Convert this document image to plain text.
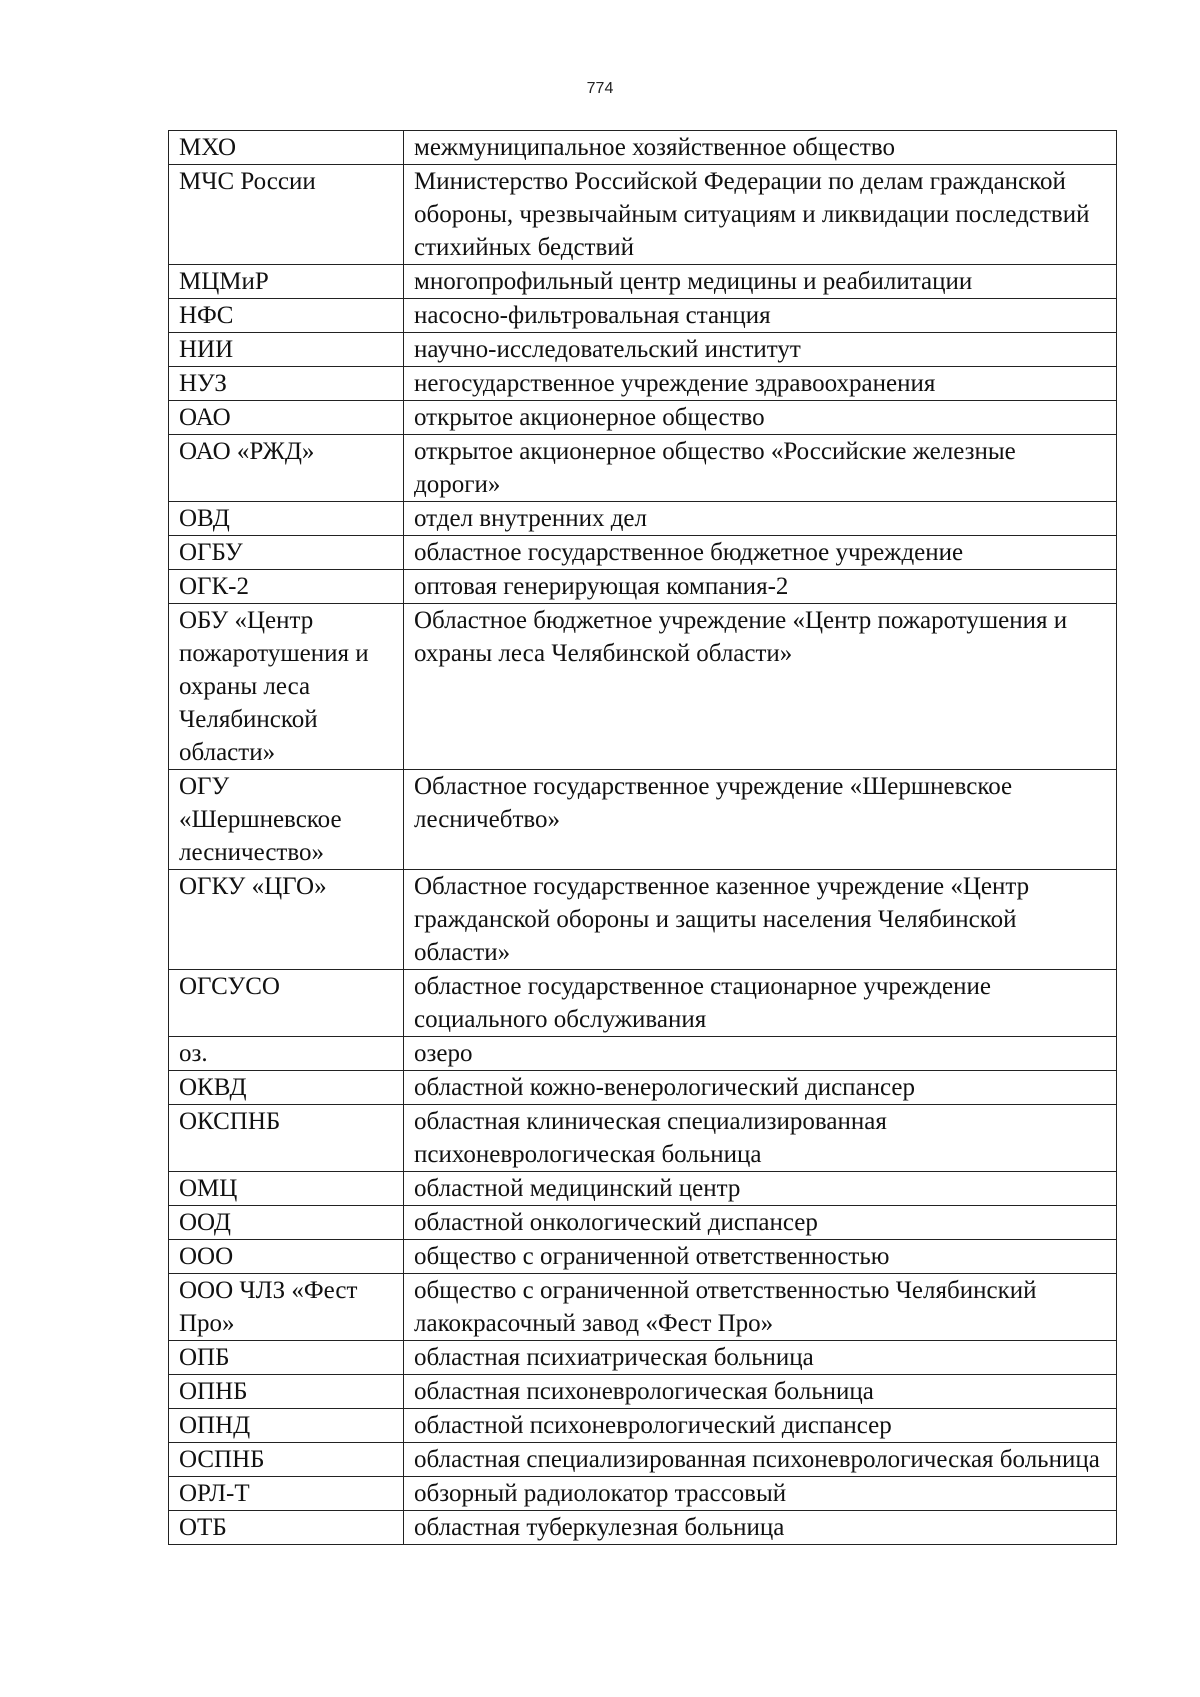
774
МХО	межмуниципальное хозяйственное общество
МЧС России	Министерство Российской Федерации по делам гражданской обороны, чрезвычайным ситуациям и ликвидации последствий стихийных бедствий
МЦМиР	многопрофильный центр медицины и реабилитации
НФС	насосно-фильтровальная станция
НИИ	научно-исследовательский институт
НУЗ	негосударственное учреждение здравоохранения
ОАО	открытое акционерное общество
ОАО «РЖД»	открытое акционерное общество «Российские железные дороги»
ОВД	отдел внутренних дел
ОГБУ	областное государственное бюджетное учреждение
ОГК-2	оптовая генерирующая компания-2
ОБУ «Центр пожаротушения и охраны леса Челябинской области»	Областное бюджетное учреждение «Центр пожаротушения и охраны леса Челябинской области»
ОГУ «Шершневское лесничество»	Областное государственное учреждение «Шершневское лесничебтво»
ОГКУ «ЦГО»	Областное государственное казенное учреждение «Центр гражданской обороны и защиты населения Челябинской области»
ОГСУСО	областное государственное стационарное учреждение социального обслуживания
оз.	озеро
ОКВД	областной кожно-венерологический диспансер
ОКСПНБ	областная клиническая специализированная психоневрологическая больница
ОМЦ	областной медицинский центр
ООД	областной онкологический диспансер
ООО	общество с ограниченной ответственностью
ООО ЧЛЗ «Фест Про»	общество с ограниченной ответственностью Челябинский лакокрасочный завод «Фест Про»
ОПБ	областная психиатрическая больница
ОПНБ	областная психоневрологическая больница
ОПНД	областной психоневрологический диспансер
ОСПНБ	областная специализированная психоневрологическая больница
ОРЛ-Т	обзорный радиолокатор трассовый
ОТБ	областная туберкулезная больница
